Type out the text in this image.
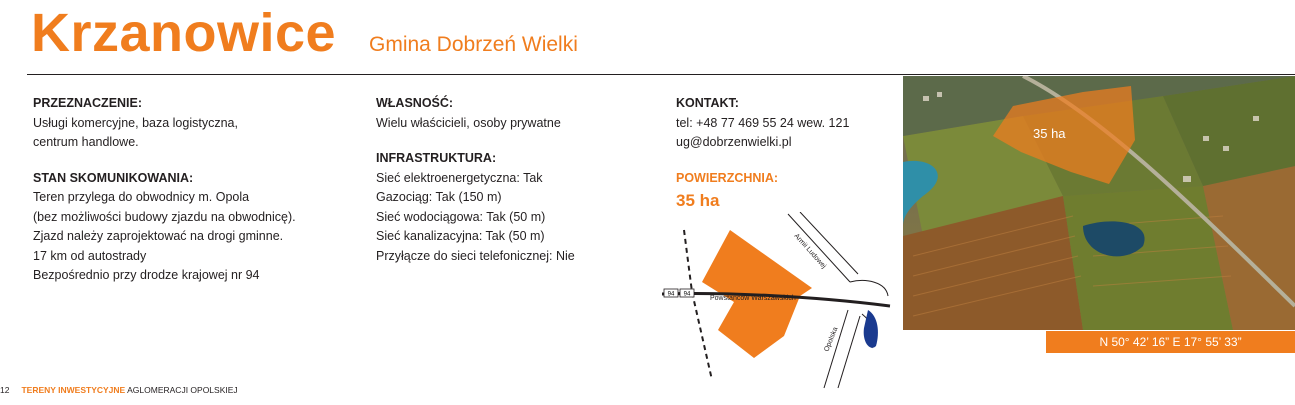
Krzanowice Gmina Dobrzeń Wielki
PRZEZNACZENIE:
Usługi komercyjne, baza logistyczna,
centrum handlowe.
STAN SKOMUNIKOWANIA:
Teren przylega do obwodnicy m. Opola
(bez możliwości budowy zjazdu na obwodnicę).
Zjazd należy zaprojektować na drogi gminne.
17 km od autostrady
Bezpośrednio przy drodze krajowej nr 94
WŁASNOŚĆ:
Wielu właścicieli, osoby prywatne
INFRASTRUKTURA:
Sieć elektroenergetyczna: Tak
Gazociąg: Tak (150 m)
Sieć wodociągowa: Tak (50 m)
Sieć kanalizacyjna: Tak (50 m)
Przyłącze do sieci telefonicznej: Nie
KONTAKT:
tel: +48 77 469 55 24 wew. 121
ug@dobrzenwielki.pl
POWIERZCHNIA:
35 ha
94 94
Powstańców Warszawskich
Armii Ludowej
Opolska
35 ha
N 50° 42’ 16” E 17° 55’ 33”
12 TERENY INWESTYCYJNE AGLOMERACJI OPOLSKIEJ
